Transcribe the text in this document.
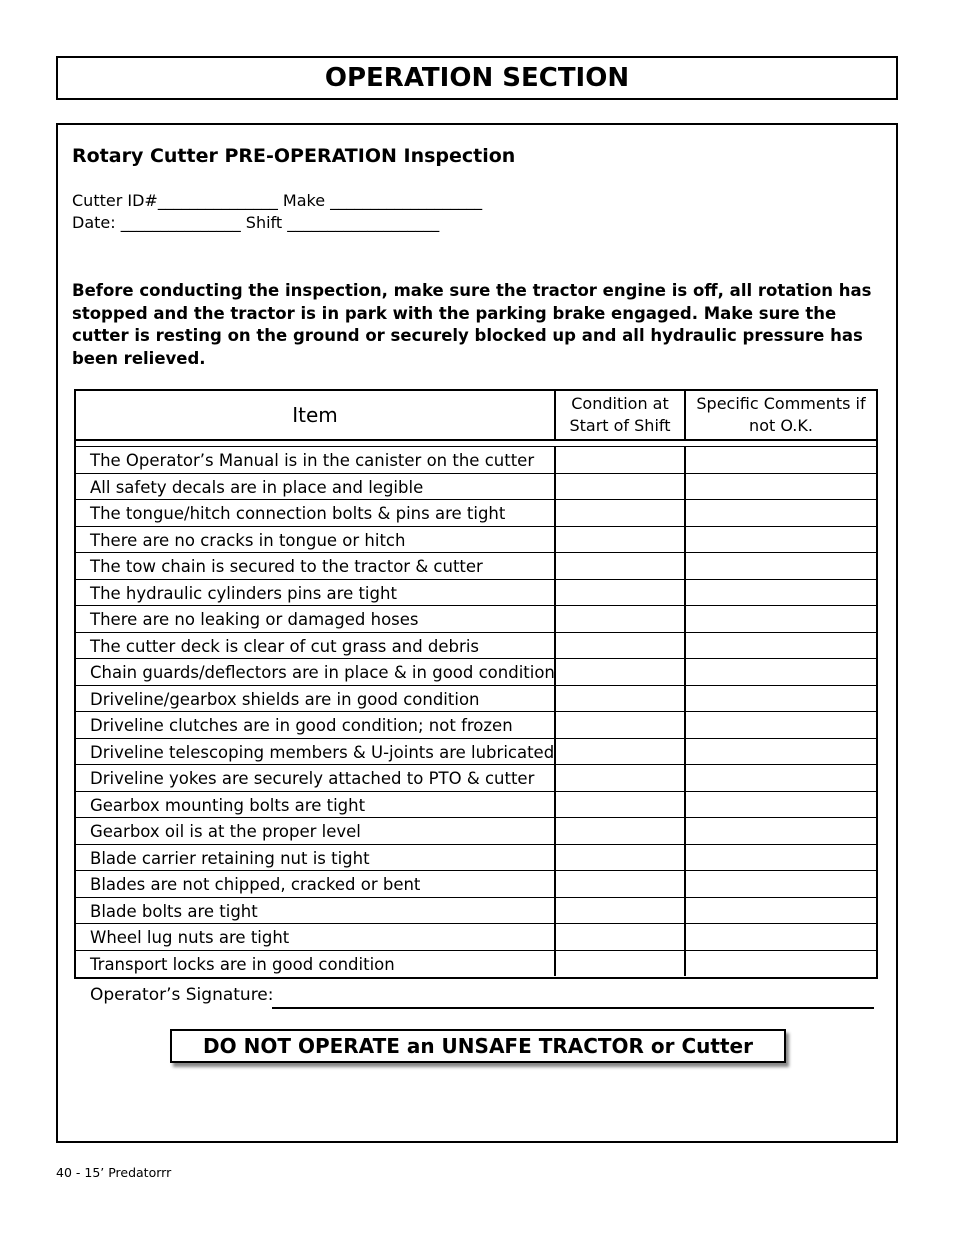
OPERATION SECTION
Rotary Cutter PRE-OPERATION Inspection
Cutter ID#_______________ Make ___________________
Date: _______________ Shift ___________________
Before conducting the inspection, make sure the tractor engine is off, all rotation has stopped and the tractor is in park with the parking brake engaged. Make sure the cutter is resting on the ground or securely blocked up and all hydraulic pressure has been relieved.
Item	Condition at Start of Shift
Specific Comments if not O.K.
The Operator’s Manual is in the canister on the cutter
All safety decals are in place and legible
The tongue/hitch connection bolts & pins are tight
There are no cracks in tongue or hitch
The tow chain is secured to the tractor & cutter
The hydraulic cylinders pins are tight
There are no leaking or damaged hoses
The cutter deck is clear of cut grass and debris
Chain guards/deflectors are in place & in good condition
Driveline/gearbox shields are in good condition
Driveline clutches are in good condition; not frozen
Driveline telescoping members & U-joints are lubricated
Driveline yokes are securely attached to PTO & cutter
Gearbox mounting bolts are tight
Gearbox oil is at the proper level
Blade carrier retaining nut is tight
Blades are not chipped, cracked or bent
Blade bolts are tight
Wheel lug nuts are tight
Transport locks are in good condition
Operator’s Signature:
DO NOT OPERATE an UNSAFE TRACTOR or Cutter
40 - 15’ Predatorrr
